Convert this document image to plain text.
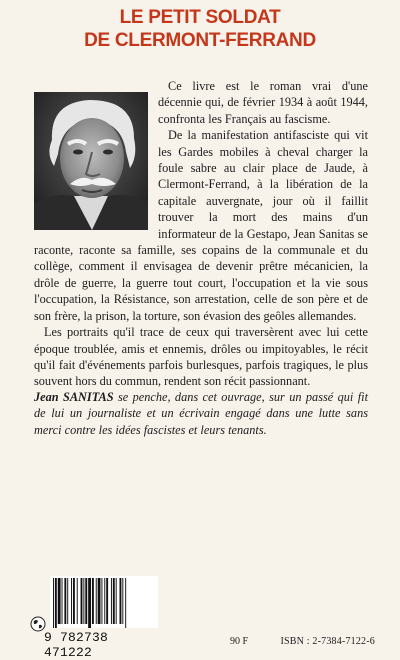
LE PETIT SOLDAT
DE CLERMONT-FERRAND

Ce livre est le roman vrai d'une décennie qui, de février 1934 à août 1944, confronta les Français au fascisme.

De la manifestation antifasciste qui vit les Gardes mobiles à cheval charger la foule sabre au clair place de Jaude, à Clermont-Ferrand, à la libération de la capitale auvergnate, jour où il faillit trouver la mort des mains d'un informateur de la Gestapo, Jean Sanitas se raconte, raconte sa famille, ses copains de la communale et du collège, comment il envisagea de devenir prêtre mécanicien, la drôle de guerre, la guerre tout court, l'occupation et la vie sous l'occupation, la Résistance, son arrestation, celle de son père et de son frère, la prison, la torture, son évasion des geôles allemandes.

Les portraits qu'il trace de ceux qui traversèrent avec lui cette époque troublée, amis et ennemis, drôles ou impitoyables, le récit qu'il fait d'événements parfois burlesques, parfois tragiques, le plus souvent hors du commun, rendent son récit passionnant.

Jean SANITAS se penche, dans cet ouvrage, sur un passé qui fit de lui un journaliste et un écrivain engagé dans une lutte sans merci contre les idées fascistes et leurs tenants.
9 782738 471222
90 F	ISBN : 2-7384-7122-6
